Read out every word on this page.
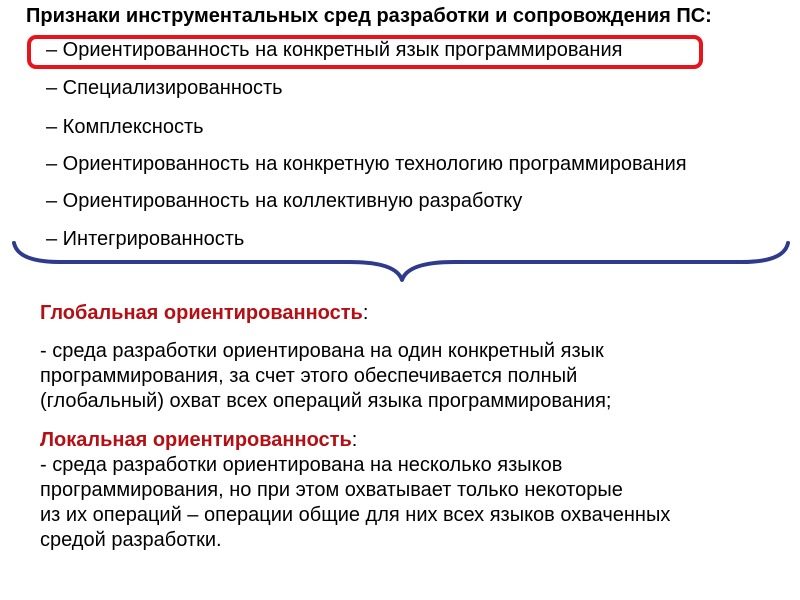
Признаки инструментальных сред разработки и сопровождения ПС:
– Ориентированность на конкретный язык программирования
– Специализированность
– Комплексность
– Ориентированность на конкретную технологию программирования
– Ориентированность на коллективную разработку
– Интегрированность

Глобальная ориентированность:

- среда разработки ориентирована на один конкретный язык

программирования, за счет этого обеспечивается полный

(глобальный) охват всех операций языка программирования;

Локальная ориентированность:

- среда разработки ориентирована на несколько языков

программирования, но при этом охватывает только некоторые

из их операций – операции общие для них всех языков охваченных

средой разработки.
